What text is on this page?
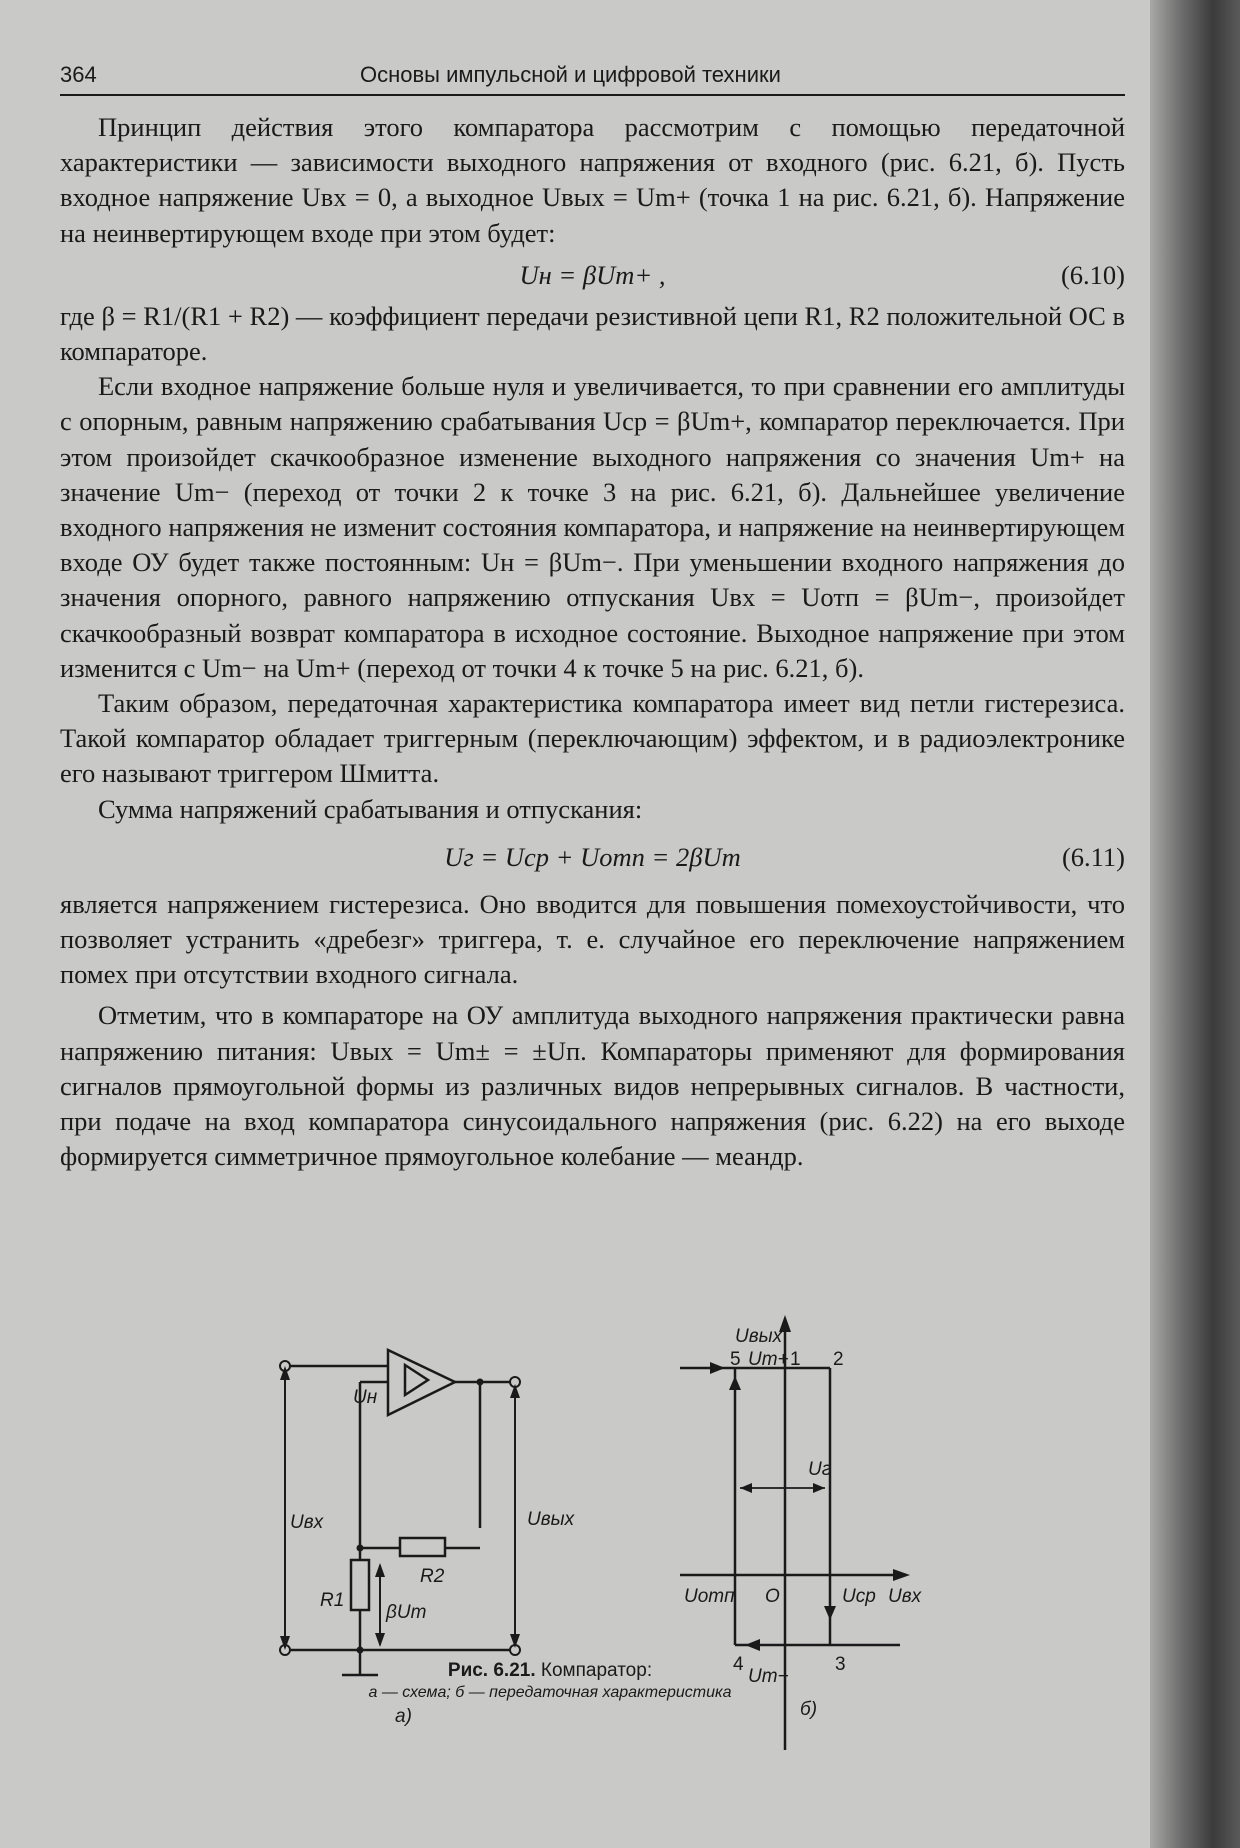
364	Основы импульсной и цифровой техники

Принцип действия этого компаратора рассмотрим с помощью передаточной характеристики — зависимости выходного напряжения от входного (рис. 6.21, б). Пусть входное напряжение Uвх = 0, а выходное Uвых = Um+ (точка 1 на рис. 6.21, б). Напряжение на неинвертирующем входе при этом будет:

Uн = βUm+ ,	(6.10)

где β = R1/(R1 + R2) — коэффициент передачи резистивной цепи R1, R2 положительной ОС в компараторе.

Если входное напряжение больше нуля и увеличивается, то при сравнении его амплитуды с опорным, равным напряжению срабатывания Uср = βUm+, компаратор переключается. При этом произойдет скачкообразное изменение выходного напряжения со значения Um+ на значение Um− (переход от точки 2 к точке 3 на рис. 6.21, б). Дальнейшее увеличение входного напряжения не изменит состояния компаратора, и напряжение на неинвертирующем входе ОУ будет также постоянным: Uн = βUm−. При уменьшении входного напряжения до значения опорного, равного напряжению отпускания Uвх = Uотп = βUm−, произойдет скачкообразный возврат компаратора в исходное состояние. Выходное напряжение при этом изменится с Um− на Um+ (переход от точки 4 к точке 5 на рис. 6.21, б).

Таким образом, передаточная характеристика компаратора имеет вид петли гистерезиса. Такой компаратор обладает триггерным (переключающим) эффектом, и в радиоэлектронике его называют триггером Шмитта.

Сумма напряжений срабатывания и отпускания:

Uг = Uср + Uотп = 2βUm	(6.11)

является напряжением гистерезиса. Оно вводится для повышения помехоустойчивости, что позволяет устранить «дребезг» триггера, т. е. случайное его переключение напряжением помех при отсутствии входного сигнала.

Отметим, что в компараторе на ОУ амплитуда выходного напряжения практически равна напряжению питания: Uвых = Um± = ±Uп. Компараторы применяют для формирования сигналов прямоугольной формы из различных видов непрерывных сигналов. В частности, при подаче на вход компаратора синусоидального напряжения (рис. 6.22) на его выходе формируется симметричное прямоугольное колебание — меандр.

Uн
Uвх	Uвых
R2
R1
βUm
а)
Uвых
Um+
Uг
Uотп O	Uср Uвх
Um−
б)
1 2
3
4
5
Рис. 6.21. Компаратор:
а — схема; б — передаточная характеристика
